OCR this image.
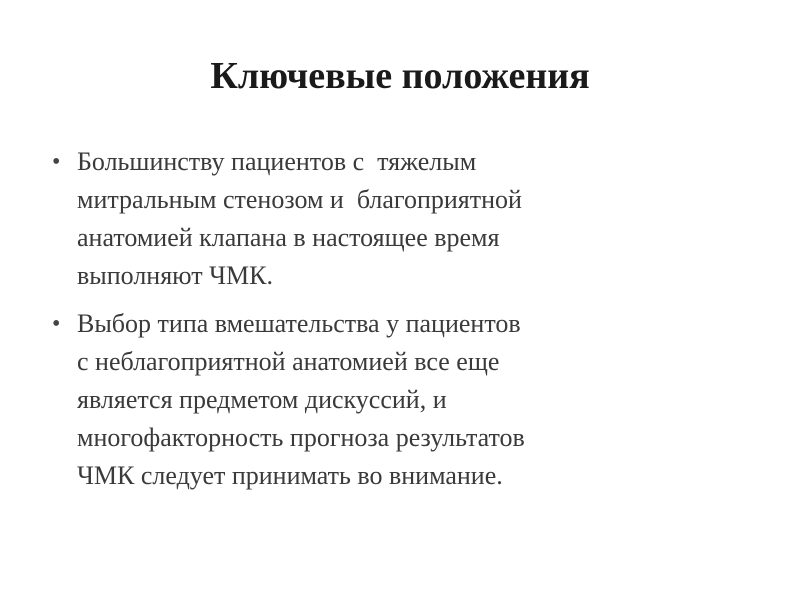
Ключевые положения
• Большинству пациентов с  тяжелым
митральным стенозом и  благоприятной
анатомией клапана в настоящее время
выполняют ЧМК.
• Выбор типа вмешательства у пациентов
с неблагоприятной анатомией все еще
является предметом дискуссий, и
многофакторность прогноза результатов
ЧМК следует принимать во внимание.
